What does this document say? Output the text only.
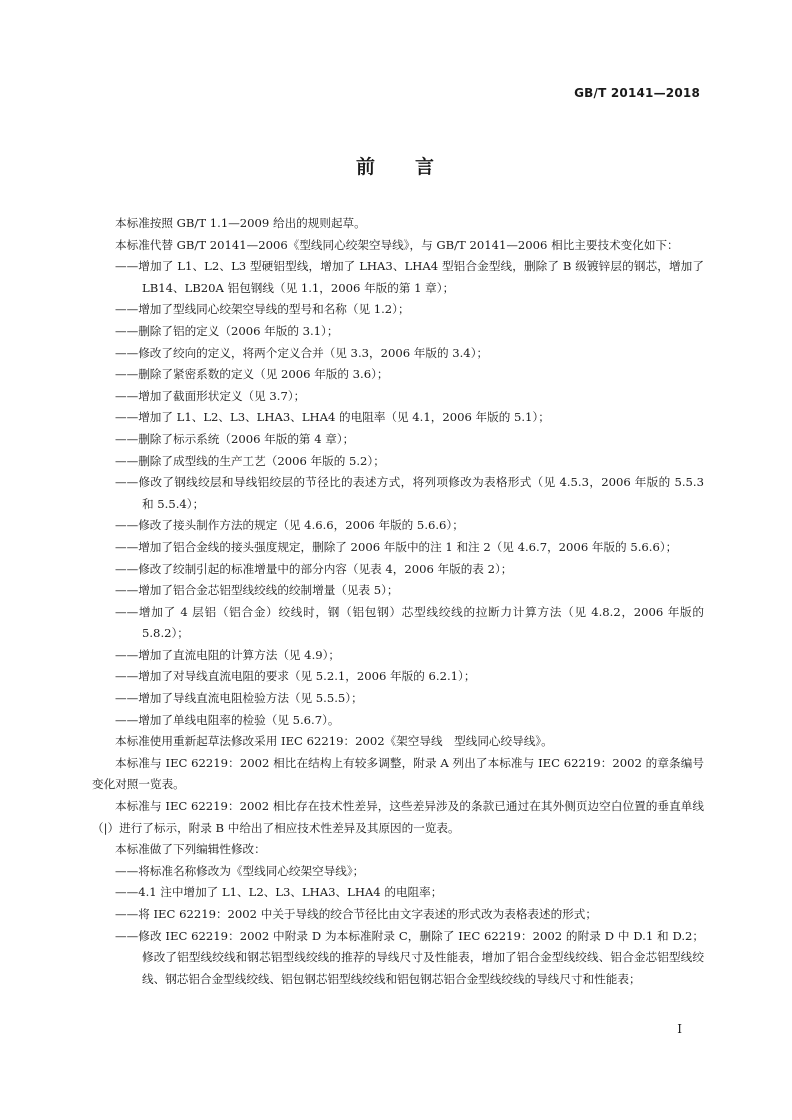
GB/T 20141—2018
前 言

本标准按照 GB/T 1.1—2009 给出的规则起草。

本标准代替 GB/T 20141—2006《型线同心绞架空导线》，与 GB/T 20141—2006 相比主要技术变化如下：

——增加了 L1、L2、L3 型硬铝型线，增加了 LHA3、LHA4 型铝合金型线，删除了 B 级镀锌层的钢芯，增加了 LB14、LB20A 铝包钢线（见 1.1，2006 年版的第 1 章）；

——增加了型线同心绞架空导线的型号和名称（见 1.2）；

——删除了铝的定义（2006 年版的 3.1）；

——修改了绞向的定义，将两个定义合并（见 3.3，2006 年版的 3.4）；

——删除了紧密系数的定义（见 2006 年版的 3.6）；

——增加了截面形状定义（见 3.7）；

——增加了 L1、L2、L3、LHA3、LHA4 的电阻率（见 4.1，2006 年版的 5.1）；

——删除了标示系统（2006 年版的第 4 章）；

——删除了成型线的生产工艺（2006 年版的 5.2）；

——修改了钢线绞层和导线铝绞层的节径比的表述方式，将列项修改为表格形式（见 4.5.3，2006 年版的 5.5.3 和 5.5.4）；

——修改了接头制作方法的规定（见 4.6.6，2006 年版的 5.6.6）；

——增加了铝合金线的接头强度规定，删除了 2006 年版中的注 1 和注 2（见 4.6.7，2006 年版的 5.6.6）；

——修改了绞制引起的标准增量中的部分内容（见表 4，2006 年版的表 2）；

——增加了铝合金芯铝型线绞线的绞制增量（见表 5）；

——增加了 4 层铝（铝合金）绞线时，钢（铝包钢）芯型线绞线的拉断力计算方法（见 4.8.2，2006 年版的 5.8.2）；

——增加了直流电阻的计算方法（见 4.9）；

——增加了对导线直流电阻的要求（见 5.2.1，2006 年版的 6.2.1）；

——增加了导线直流电阻检验方法（见 5.5.5）；

——增加了单线电阻率的检验（见 5.6.7）。

本标准使用重新起草法修改采用 IEC 62219：2002《架空导线　型线同心绞导线》。

本标准与 IEC 62219：2002 相比在结构上有较多调整，附录 A 列出了本标准与 IEC 62219：2002 的章条编号变化对照一览表。

本标准与 IEC 62219：2002 相比存在技术性差异，这些差异涉及的条款已通过在其外侧页边空白位置的垂直单线（|）进行了标示，附录 B 中给出了相应技术性差异及其原因的一览表。

本标准做了下列编辑性修改：

——将标准名称修改为《型线同心绞架空导线》；

——4.1 注中增加了 L1、L2、L3、LHA3、LHA4 的电阻率；

——将 IEC 62219：2002 中关于导线的绞合节径比由文字表述的形式改为表格表述的形式；

——修改 IEC 62219：2002 中附录 D 为本标准附录 C，删除了 IEC 62219：2002 的附录 D 中 D.1 和 D.2；修改了铝型线绞线和钢芯铝型线绞线的推荐的导线尺寸及性能表，增加了铝合金型线绞线、铝合金芯铝型线绞线、钢芯铝合金型线绞线、铝包钢芯铝型线绞线和铝包钢芯铝合金型线绞线的导线尺寸和性能表；

I
